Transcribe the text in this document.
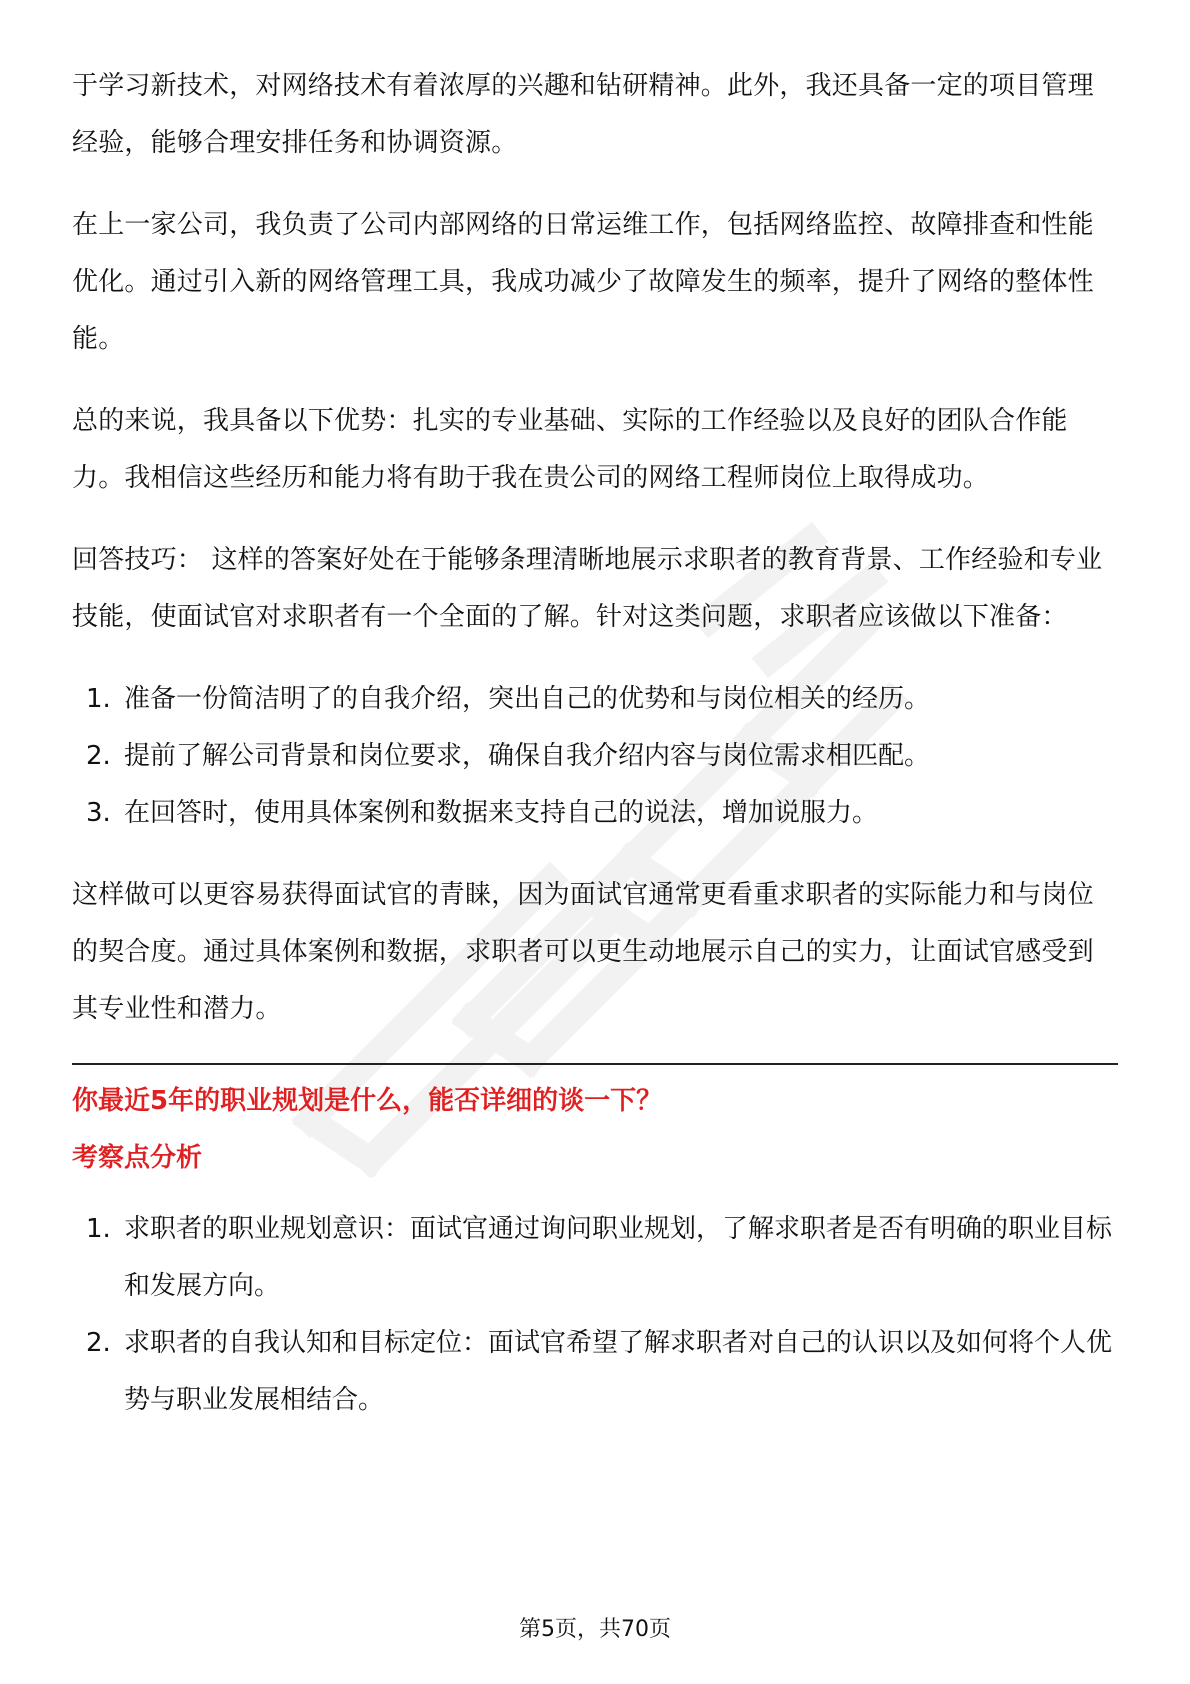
于学习新技术，对网络技术有着浓厚的兴趣和钻研精神。此外，我还具备一定的项目管理经验，能够合理安排任务和协调资源。

在上一家公司，我负责了公司内部网络的日常运维工作，包括网络监控、故障排查和性能优化。通过引入新的网络管理工具，我成功减少了故障发生的频率，提升了网络的整体性能。

总的来说，我具备以下优势：扎实的专业基础、实际的工作经验以及良好的团队合作能力。我相信这些经历和能力将有助于我在贵公司的网络工程师岗位上取得成功。

回答技巧： 这样的答案好处在于能够条理清晰地展示求职者的教育背景、工作经验和专业技能，使面试官对求职者有一个全面的了解。针对这类问题，求职者应该做以下准备：

1. 准备一份简洁明了的自我介绍，突出自己的优势和与岗位相关的经历。
2. 提前了解公司背景和岗位要求，确保自我介绍内容与岗位需求相匹配。
3. 在回答时，使用具体案例和数据来支持自己的说法，增加说服力。

这样做可以更容易获得面试官的青睐，因为面试官通常更看重求职者的实际能力和与岗位的契合度。通过具体案例和数据，求职者可以更生动地展示自己的实力，让面试官感受到其专业性和潜力。

你最近5年的职业规划是什么，能否详细的谈一下？

考察点分析

1. 求职者的职业规划意识：面试官通过询问职业规划，了解求职者是否有明确的职业目标和发展方向。
2. 求职者的自我认知和目标定位：面试官希望了解求职者对自己的认识以及如何将个人优势与职业发展相结合。
第5页，共70页
